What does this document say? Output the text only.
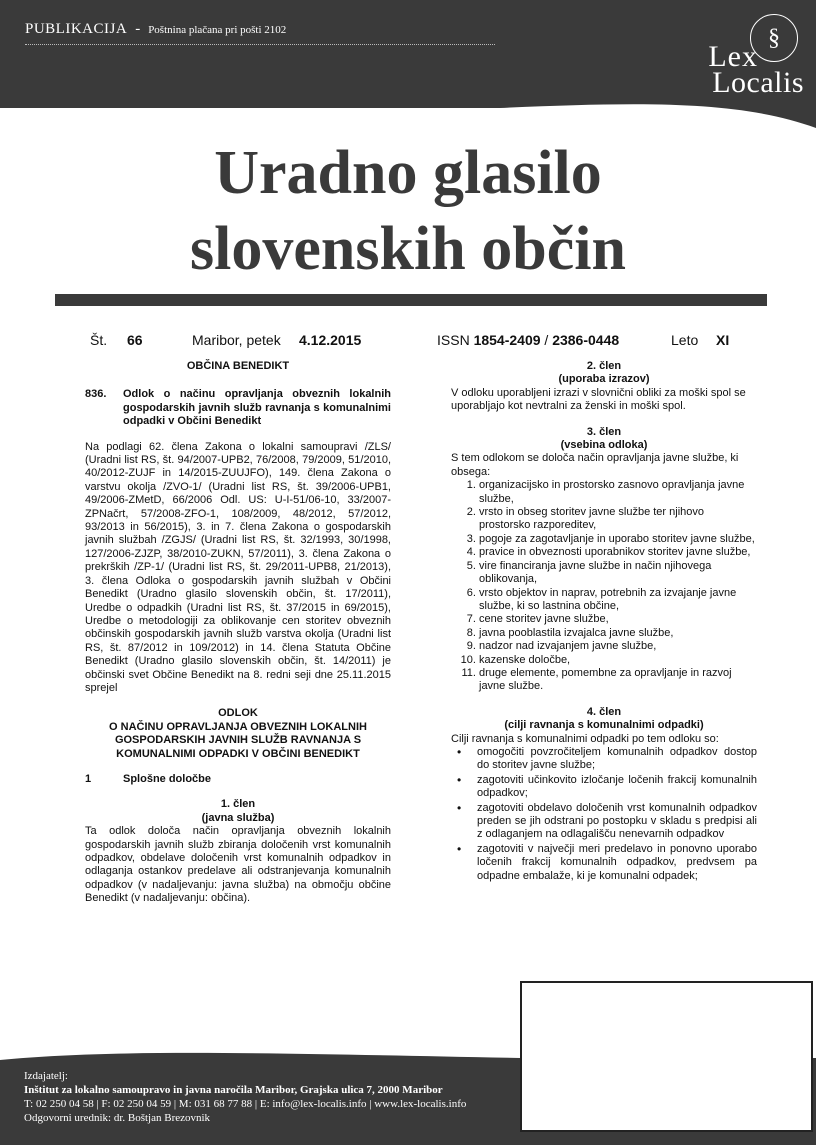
PUBLIKACIJA - Poštnina plačana pri pošti 2102	§
Lex
Localis
Uradno glasilo
slovenskih občin
Št. 66	Maribor, petek 4.12.2015	ISSN 1854-2409 / 2386-0448	Leto XI
OBČINA BENEDIKT
836.	Odlok o načinu opravljanja obveznih lokalnih gospodarskih javnih služb ravnanja s komunalnimi odpadki v Občini Benedikt

Na podlagi 62. člena Zakona o lokalni samoupravi /ZLS/ (Uradni list RS, št. 94/2007-UPB2, 76/2008, 79/2009, 51/2010, 40/2012-ZUJF in 14/2015-ZUUJFO), 149. člena Zakona o varstvu okolja /ZVO-1/ (Uradni list RS, št. 39/2006-UPB1, 49/2006-ZMetD, 66/2006 Odl. US: U-I-51/06-10, 33/2007-ZPNačrt, 57/2008-ZFO-1, 108/2009, 48/2012, 57/2012, 93/2013 in 56/2015), 3. in 7. člena Zakona o gospodarskih javnih službah /ZGJS/ (Uradni list RS, št. 32/1993, 30/1998, 127/2006-ZJZP, 38/2010-ZUKN, 57/2011), 3. člena Zakona o prekrških /ZP-1/ (Uradni list RS, št. 29/2011-UPB8, 21/2013), 3. člena Odloka o gospodarskih javnih službah v Občini Benedikt (Uradno glasilo slovenskih občin, št. 17/2011), Uredbe o odpadkih (Uradni list RS, št. 37/2015 in 69/2015), Uredbe o metodologiji za oblikovanje cen storitev obveznih občinskih gospodarskih javnih služb varstva okolja (Uradni list RS, št. 87/2012 in 109/2012) in 14. člena Statuta Občine Benedikt (Uradno glasilo slovenskih občin, št. 14/2011) je občinski svet Občine Benedikt na 8. redni seji dne 25.11.2015 sprejel

ODLOK
O NAČINU OPRAVLJANJA OBVEZNIH LOKALNIH GOSPODARSKIH JAVNIH SLUŽB RAVNANJA S KOMUNALNIMI ODPADKI V OBČINI BENEDIKT
1	Splošne določbe
1. člen
(javna služba)

Ta odlok določa način opravljanja obveznih lokalnih gospodarskih javnih služb zbiranja določenih vrst komunalnih odpadkov, obdelave določenih vrst komunalnih odpadkov in odlaganja ostankov predelave ali odstranjevanja komunalnih odpadkov (v nadaljevanju: javna služba) na območju občine Benedikt (v nadaljevanju: občina).

2. člen
(uporaba izrazov)

V odloku uporabljeni izrazi v slovnični obliki za moški spol se uporabljajo kot nevtralni za ženski in moški spol.

3. člen
(vsebina odloka)

S tem odlokom se določa način opravljanja javne službe, ki obsega:

1. organizacijsko in prostorsko zasnovo opravljanja javne službe,
2. vrsto in obseg storitev javne službe ter njihovo prostorsko razporeditev,
3. pogoje za zagotavljanje in uporabo storitev javne službe,
4. pravice in obveznosti uporabnikov storitev javne službe,
5. vire financiranja javne službe in način njihovega oblikovanja,
6. vrsto objektov in naprav, potrebnih za izvajanje javne službe, ki so lastnina občine,
7. cene storitev javne službe,
8. javna pooblastila izvajalca javne službe,
9. nadzor nad izvajanjem javne službe,
10. kazenske določbe,
11. druge elemente, pomembne za opravljanje in razvoj javne službe.
4. člen
(cilji ravnanja s komunalnimi odpadki)

Cilji ravnanja s komunalnimi odpadki po tem odloku so:

• omogočiti povzročiteljem komunalnih odpadkov dostop do storitev javne službe;
• zagotoviti učinkovito izločanje ločenih frakcij komunalnih odpadkov;
• zagotoviti obdelavo določenih vrst komunalnih odpadkov preden se jih odstrani po postopku v skladu s predpisi ali z odlaganjem na odlagališču nenevarnih odpadkov
• zagotoviti v največji meri predelavo in ponovno uporabo ločenih frakcij komunalnih odpadkov, predvsem pa odpadne embalaže, ki je komunalni odpadek;
Izdajatelj:
Inštitut za lokalno samoupravo in javna naročila Maribor, Grajska ulica 7, 2000 Maribor
T: 02 250 04 58 | F: 02 250 04 59 | M: 031 68 77 88 | E: info@lex-localis.info | www.lex-localis.info
Odgovorni urednik: dr. Boštjan Brezovnik
